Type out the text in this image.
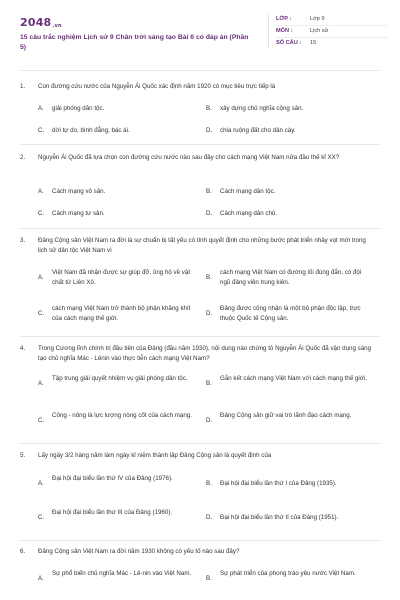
2048.vn
15 câu trắc nghiệm Lịch sử 9 Chân trời sáng tạo Bài 6 có đáp án (Phần 5)
LỚP :	Lớp 9
MÔN :	Lịch sử
SỐ CÂU : 15
1. Con đường cứu nước của Nguyễn Ái Quốc xác định năm 1920 có mục tiêu trực tiếp là
A. giải phóng dân tộc.	B. xây dựng chủ nghĩa cộng sản.
C. dời tự do, bình đẳng, bác ái.	D. chia ruộng đất cho dân cày.
2. Nguyễn Ái Quốc đã lựa chọn con đường cứu nước nào sau đây cho cách mạng Việt Nam nửa đầu thế kỉ XX?
A. Cách mạng vô sản.	B. Cách mạng dân tộc.
C. Cách mạng tư sản.	D. Cách mạng dân chủ.
3. Đảng Cộng sản Việt Nam ra đời là sự chuẩn bị tất yếu có tính quyết định cho những bước phát triển nhảy vọt mới trong lịch sử dân tộc Việt Nam vì
A.
Việt Nam đã nhận được sự giúp đỡ, ủng hộ về vật chất từ Liên Xô.
B.
cách mạng Việt Nam có đường lối đúng đắn, có đội ngũ đảng viên trung kiên.
C.
cách mạng Việt Nam trở thành bộ phận khăng khít của cách mạng thế giới.
D.
Đảng được công nhận là một bộ phận độc lập, trực thuộc Quốc tế Cộng sản.
4. Trong Cương lĩnh chính trị đầu tiên của Đảng (đầu năm 1930), nội dung nào chứng tỏ Nguyễn Ái Quốc đã vận dụng sáng tạo chủ nghĩa Mác - Lênin vào thực tiễn cách mạng Việt Nam?
A.
Tập trung giải quyết nhiệm vụ giải phóng dân tộc.
B.
Gắn kết cách mạng Việt Nam với cách mạng thế giới.
C.
Công - nông là lực lượng nòng cốt của cách mạng.
D.
Đảng Cộng sản giữ vai trò lãnh đạo cách mạng.
5. Lấy ngày 3/2 hàng năm làm ngày kỉ niệm thành lập Đảng Cộng sản là quyết định của
A.
Đại hội đại biểu lần thứ IV của Đảng (1976).
B. Đại hội đại biểu lần thứ I của Đảng (1935).
C.
Đại hội đại biểu lần thứ III của Đảng (1960).
D. Đại hội đại biểu lần thứ II của Đảng (1951).
6. Đảng Cộng sản Việt Nam ra đời năm 1930 không có yếu tố nào sau đây?
A.
Sự phổ biến chủ nghĩa Mác - Lê-nin vào Việt Nam.
B.
Sự phát triển của phong trào yêu nước Việt Nam.
